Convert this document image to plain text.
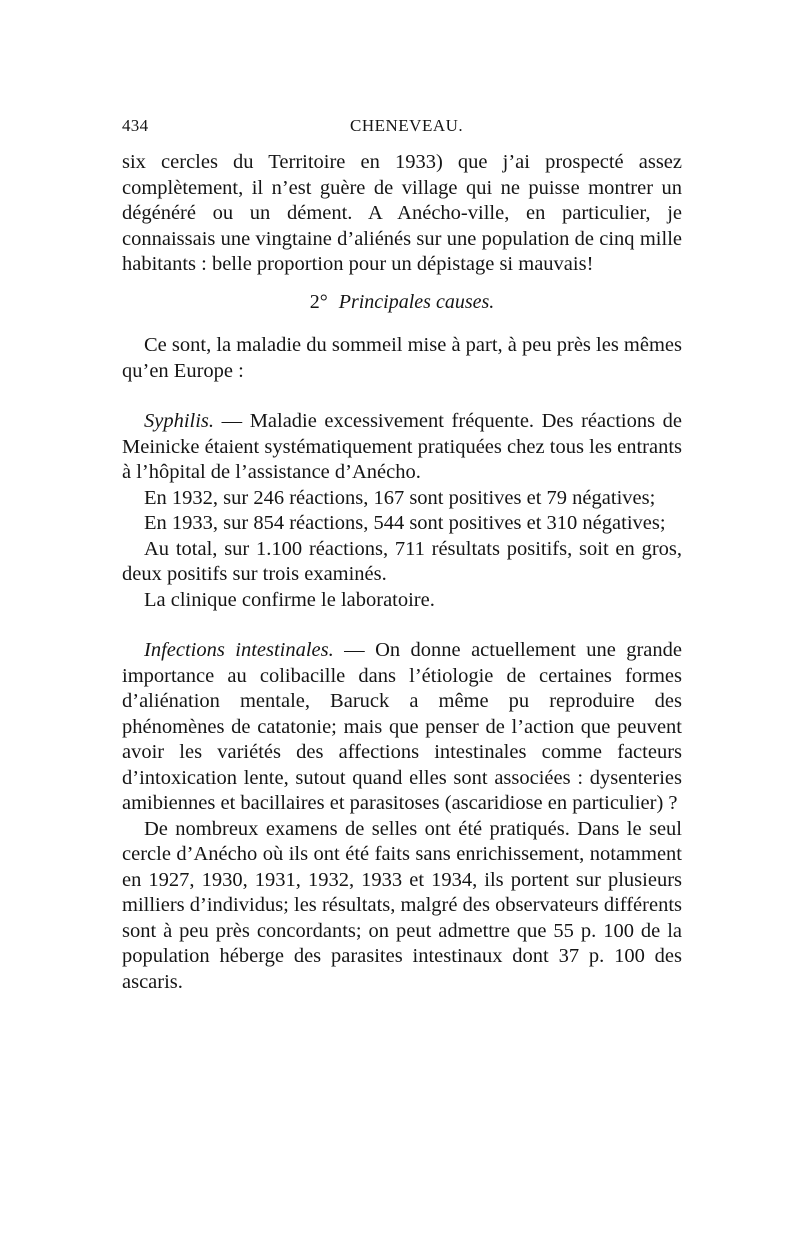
434	CHENEVEAU.

six cercles du Territoire en 1933) que j’ai prospecté assez complètement, il n’est guère de village qui ne puisse montrer un dégénéré ou un dément. A Anécho-ville, en particulier, je connaissais une vingtaine d’aliénés sur une population de cinq mille habitants : belle proportion pour un dépistage si mauvais!

2° Principales causes.

Ce sont, la maladie du sommeil mise à part, à peu près les mêmes qu’en Europe :

Syphilis. — Maladie excessivement fréquente. Des réactions de Meinicke étaient systématiquement pratiquées chez tous les entrants à l’hôpital de l’assistance d’Anécho.

En 1932, sur 246 réactions, 167 sont positives et 79 négatives;

En 1933, sur 854 réactions, 544 sont positives et 310 négatives;

Au total, sur 1.100 réactions, 711 résultats positifs, soit en gros, deux positifs sur trois examinés.

La clinique confirme le laboratoire.

Infections intestinales. — On donne actuellement une grande importance au colibacille dans l’étiologie de certaines formes d’aliénation mentale, Baruck a même pu reproduire des phénomènes de catatonie; mais que penser de l’action que peuvent avoir les variétés des affections intestinales comme facteurs d’intoxication lente, sutout quand elles sont associées : dysenteries amibiennes et bacillaires et parasitoses (ascaridiose en particulier) ?

De nombreux examens de selles ont été pratiqués. Dans le seul cercle d’Anécho où ils ont été faits sans enrichissement, notamment en 1927, 1930, 1931, 1932, 1933 et 1934, ils portent sur plusieurs milliers d’individus; les résultats, malgré des observateurs différents sont à peu près concordants; on peut admettre que 55 p. 100 de la population héberge des parasites intestinaux dont 37 p. 100 des ascaris.
